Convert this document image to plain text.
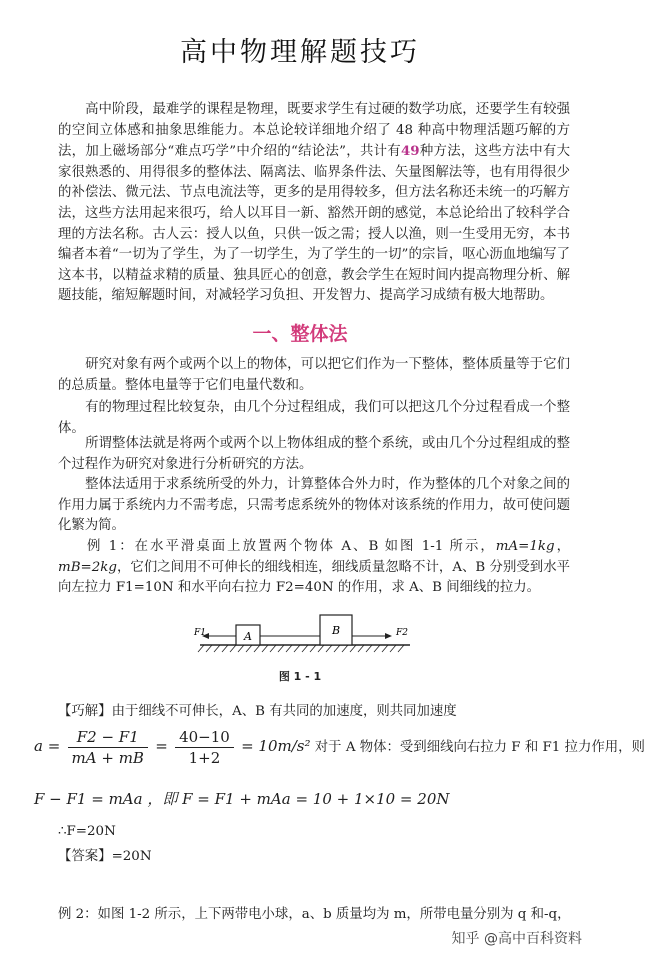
高中物理解题技巧
高中阶段，最难学的课程是物理，既要求学生有过硬的数学功底，还要学生有较强的空间立体感和抽象思维能力。本总论较详细地介绍了 48 种高中物理活题巧解的方法，加上磁场部分“难点巧学”中介绍的“结论法”，共计有49种方法，这些方法中有大家很熟悉的、用得很多的整体法、隔离法、临界条件法、矢量图解法等，也有用得很少的补偿法、微元法、节点电流法等，更多的是用得较多，但方法名称还未统一的巧解方法，这些方法用起来很巧，给人以耳目一新、豁然开朗的感觉，本总论给出了较科学合理的方法名称。古人云：授人以鱼，只供一饭之需；授人以渔，则一生受用无穷，本书编者本着“一切为了学生，为了一切学生，为了学生的一切”的宗旨，呕心沥血地编写了这本书，以精益求精的质量、独具匠心的创意，教会学生在短时间内提高物理分析、解题技能，缩短解题时间，对减轻学习负担、开发智力、提高学习成绩有极大地帮助。
一、整体法
研究对象有两个或两个以上的物体，可以把它们作为一下整体，整体质量等于它们的总质量。整体电量等于它们电量代数和。
有的物理过程比较复杂，由几个分过程组成，我们可以把这几个分过程看成一个整体。
所谓整体法就是将两个或两个以上物体组成的整个系统，或由几个分过程组成的整个过程作为研究对象进行分析研究的方法。
整体法适用于求系统所受的外力，计算整体合外力时，作为整体的几个对象之间的作用力属于系统内力不需考虑，只需考虑系统外的物体对该系统的作用力，故可使问题化繁为简。
例 1：在水平滑桌面上放置两个物体 A、B 如图 1-1 所示，mA=1kg，mB=2kg，它们之间用不可伸长的细线相连，细线质量忽略不计，A、B 分别受到水平向左拉力 F1=10N 和水平向右拉力 F2=40N 的作用，求 A、B 间细线的拉力。
A	B
F1	F2
图 1 - 1
【巧解】由于细线不可伸长，A、B 有共同的加速度，则共同加速度
$a = \frac{F2 - F1}{mA + mB} = \frac{40-10}{1+2} = 10m/s^2$ 对于 A 物体：受到细线向右拉力 F 和 F1 拉力作用，则
F − F1 = mAa ，即 F = F1 + mAa = 10 + 1×10 = 20N
∴F=20N
【答案】=20N
例 2：如图 1-2 所示，上下两带电小球，a、b 质量均为 m，所带电量分别为 q 和-q，
知乎 @高中百科资料
